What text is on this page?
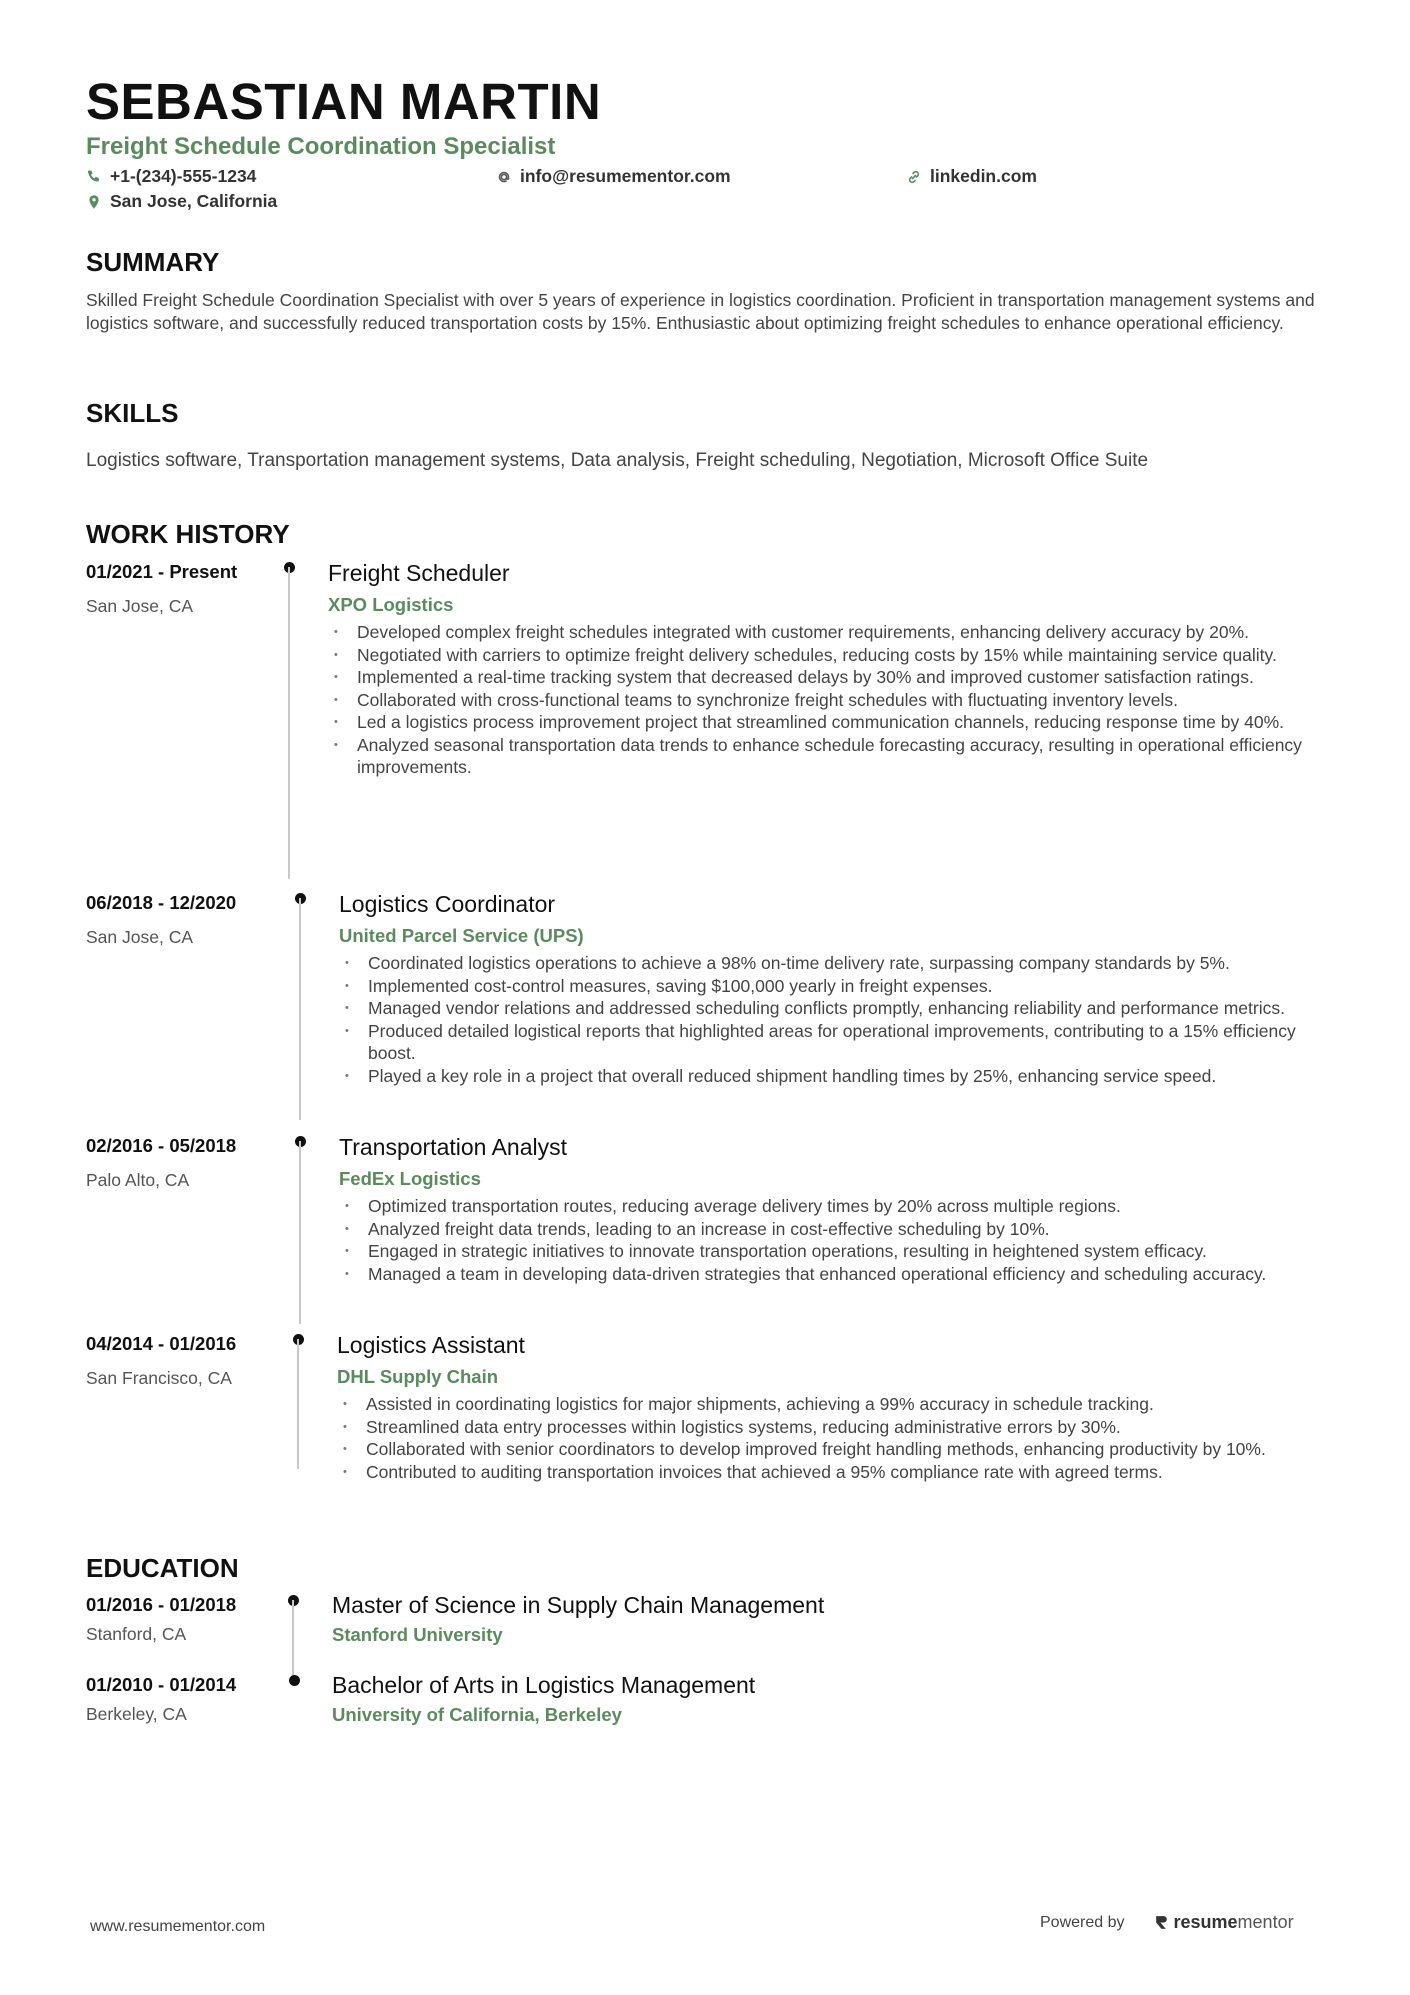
SEBASTIAN MARTIN
Freight Schedule Coordination Specialist
+1-(234)-555-1234	info@resumementor.com	linkedin.com
San Jose, California
SUMMARY
Skilled Freight Schedule Coordination Specialist with over 5 years of experience in logistics coordination. Proficient in transportation management systems and logistics software, and successfully reduced transportation costs by 15%. Enthusiastic about optimizing freight schedules to enhance operational efficiency.
SKILLS
Logistics software, Transportation management systems, Data analysis, Freight scheduling, Negotiation, Microsoft Office Suite
WORK HISTORY
01/2021 - Present
San Jose, CA
Freight Scheduler
XPO Logistics
• Developed complex freight schedules integrated with customer requirements, enhancing delivery accuracy by 20%.
• Negotiated with carriers to optimize freight delivery schedules, reducing costs by 15% while maintaining service quality.
• Implemented a real-time tracking system that decreased delays by 30% and improved customer satisfaction ratings.
• Collaborated with cross-functional teams to synchronize freight schedules with fluctuating inventory levels.
• Led a logistics process improvement project that streamlined communication channels, reducing response time by 40%.
• Analyzed seasonal transportation data trends to enhance schedule forecasting accuracy, resulting in operational efficiency improvements.
06/2018 - 12/2020
San Jose, CA
Logistics Coordinator
United Parcel Service (UPS)
• Coordinated logistics operations to achieve a 98% on-time delivery rate, surpassing company standards by 5%.
• Implemented cost-control measures, saving $100,000 yearly in freight expenses.
• Managed vendor relations and addressed scheduling conflicts promptly, enhancing reliability and performance metrics.
• Produced detailed logistical reports that highlighted areas for operational improvements, contributing to a 15% efficiency boost.
• Played a key role in a project that overall reduced shipment handling times by 25%, enhancing service speed.
02/2016 - 05/2018
Palo Alto, CA
Transportation Analyst
FedEx Logistics
• Optimized transportation routes, reducing average delivery times by 20% across multiple regions.
• Analyzed freight data trends, leading to an increase in cost-effective scheduling by 10%.
• Engaged in strategic initiatives to innovate transportation operations, resulting in heightened system efficacy.
• Managed a team in developing data-driven strategies that enhanced operational efficiency and scheduling accuracy.
04/2014 - 01/2016
San Francisco, CA
Logistics Assistant
DHL Supply Chain
• Assisted in coordinating logistics for major shipments, achieving a 99% accuracy in schedule tracking.
• Streamlined data entry processes within logistics systems, reducing administrative errors by 30%.
• Collaborated with senior coordinators to develop improved freight handling methods, enhancing productivity by 10%.
• Contributed to auditing transportation invoices that achieved a 95% compliance rate with agreed terms.
EDUCATION
01/2016 - 01/2018
Stanford, CA
Master of Science in Supply Chain Management
Stanford University
01/2010 - 01/2014
Berkeley, CA
Bachelor of Arts in Logistics Management
University of California, Berkeley
www.resumementor.com	Powered by	resume mentor
